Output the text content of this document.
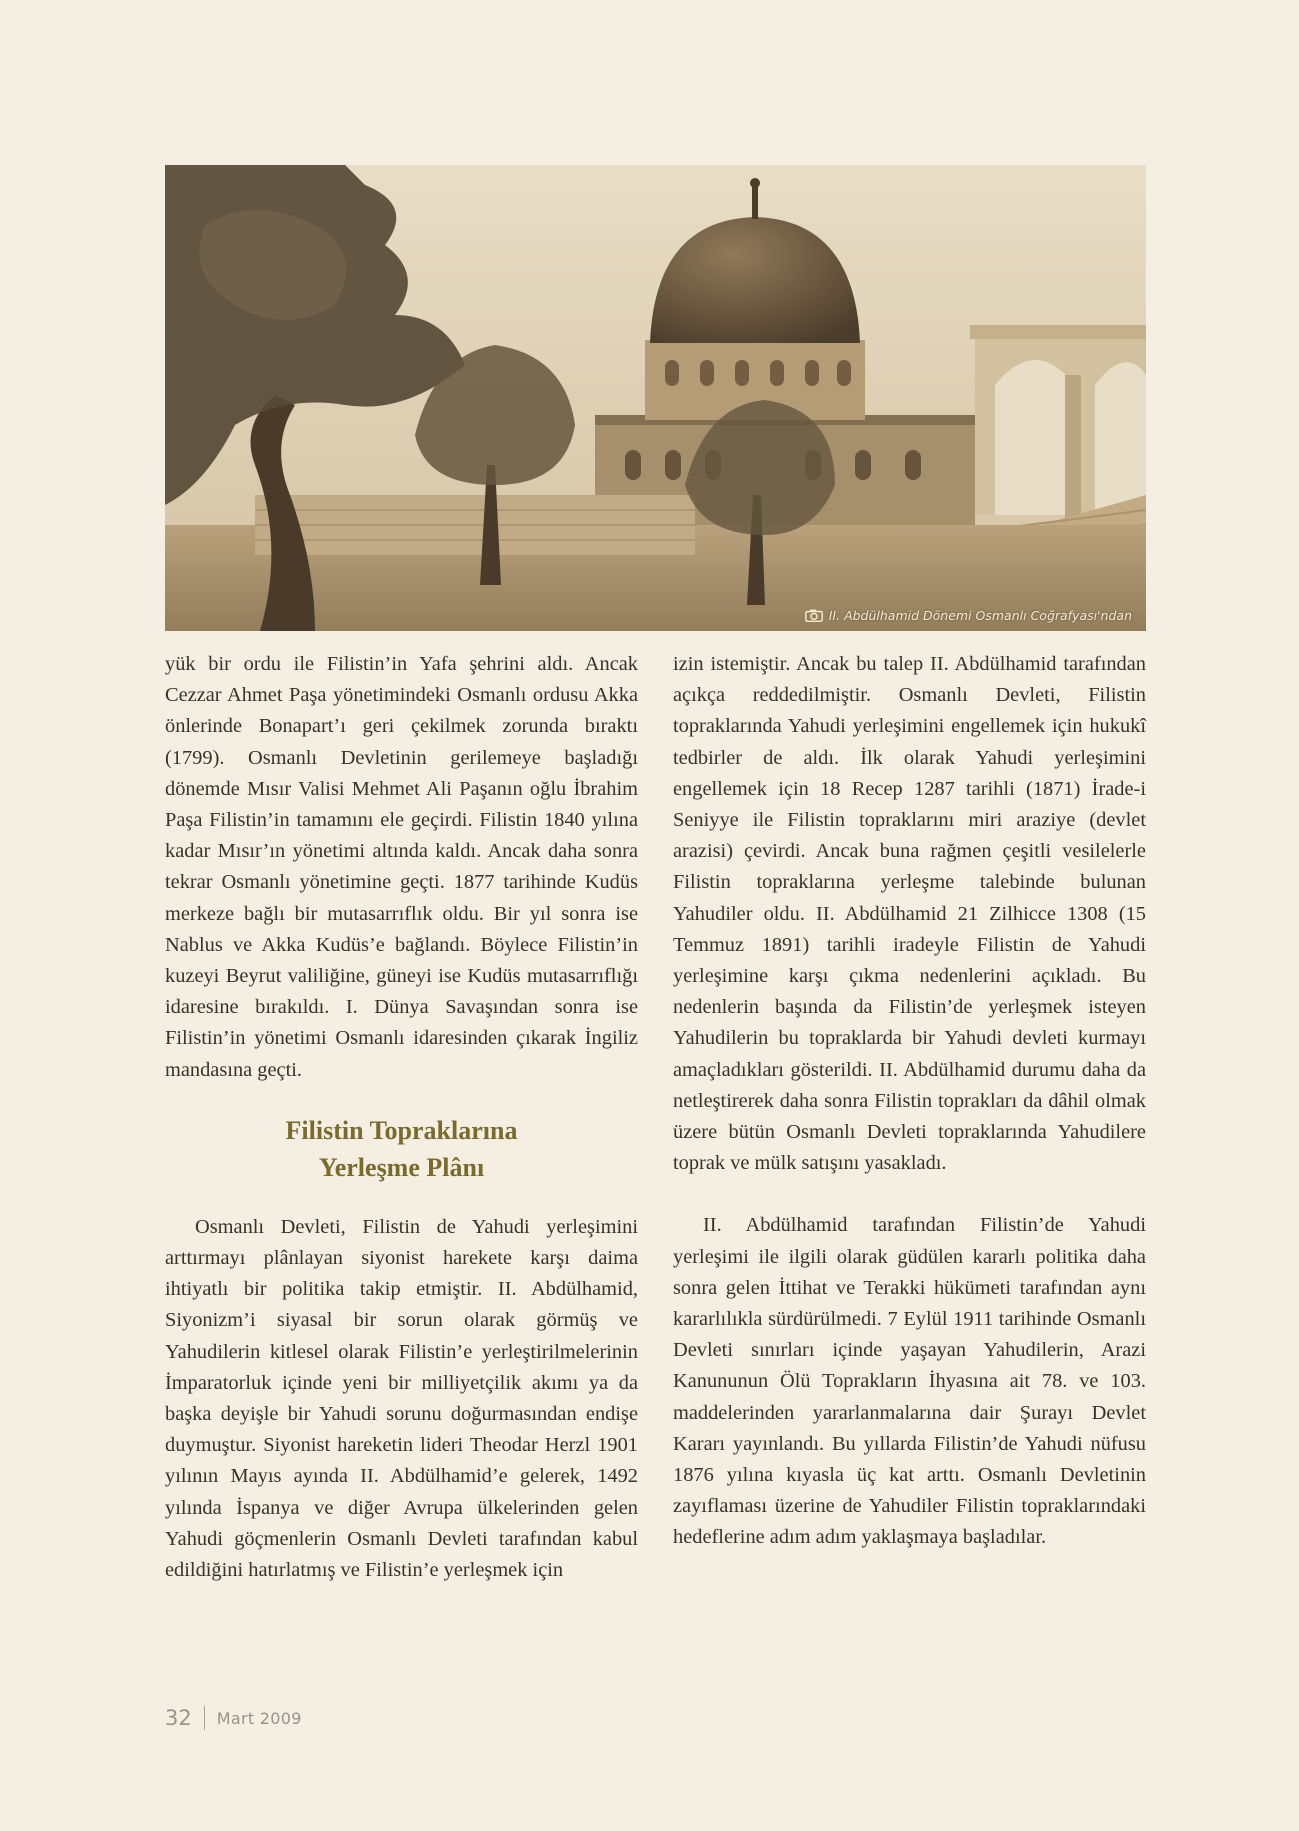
II. Abdülhamid Dönemi Osmanlı Coğrafyası'ndan

yük bir ordu ile Filistin’in Yafa şehrini aldı. Ancak Cezzar Ahmet Paşa yönetimindeki Osmanlı ordusu Akka önlerinde Bonapart’ı geri çekilmek zorunda bıraktı (1799). Osmanlı Devletinin gerilemeye başladığı dönemde Mısır Valisi Mehmet Ali Paşanın oğlu İbrahim Paşa Filistin’in tamamını ele geçirdi. Filistin 1840 yılına kadar Mısır’ın yönetimi altında kaldı. Ancak daha sonra tekrar Osmanlı yönetimine geçti. 1877 tarihinde Kudüs merkeze bağlı bir mutasarrıflık oldu. Bir yıl sonra ise Nablus ve Akka Kudüs’e bağlandı. Böylece Filistin’in kuzeyi Beyrut valiliğine, güneyi ise Kudüs mutasarrıflığı idaresine bırakıldı. I. Dünya Savaşından sonra ise Filistin’in yönetimi Osmanlı idaresinden çıkarak İngiliz mandasına geçti.

Filistin Topraklarına
Yerleşme Plânı

Osmanlı Devleti, Filistin de Yahudi yerleşimini arttırmayı plânlayan siyonist harekete karşı daima ihtiyatlı bir politika takip etmiştir. II. Abdülhamid, Siyonizm’i siyasal bir sorun olarak görmüş ve Yahudilerin kitlesel olarak Filistin’e yerleştirilmelerinin İmparatorluk içinde yeni bir milliyetçilik akımı ya da başka deyişle bir Yahudi sorunu doğurmasından endişe duymuştur. Siyonist hareketin lideri Theodar Herzl 1901 yılının Mayıs ayında II. Abdülhamid’e gelerek, 1492 yılında İspanya ve diğer Avrupa ülkelerinden gelen Yahudi göçmenlerin Osmanlı Devleti tarafından kabul edildiğini hatırlatmış ve Filistin’e yerleşmek için

izin istemiştir. Ancak bu talep II. Abdülhamid tarafından açıkça reddedilmiştir. Osmanlı Devleti, Filistin topraklarında Yahudi yerleşimini engellemek için hukukî tedbirler de aldı. İlk olarak Yahudi yerleşimini engellemek için 18 Recep 1287 tarihli (1871) İrade-i Seniyye ile Filistin topraklarını miri araziye (devlet arazisi) çevirdi. Ancak buna rağmen çeşitli vesilelerle Filistin topraklarına yerleşme talebinde bulunan Yahudiler oldu. II. Abdülhamid 21 Zilhicce 1308 (15 Temmuz 1891) tarihli iradeyle Filistin de Yahudi yerleşimine karşı çıkma nedenlerini açıkladı. Bu nedenlerin başında da Filistin’de yerleşmek isteyen Yahudilerin bu topraklarda bir Yahudi devleti kurmayı amaçladıkları gösterildi. II. Abdülhamid durumu daha da netleştirerek daha sonra Filistin toprakları da dâhil olmak üzere bütün Osmanlı Devleti topraklarında Yahudilere toprak ve mülk satışını yasakladı.

II. Abdülhamid tarafından Filistin’de Yahudi yerleşimi ile ilgili olarak güdülen kararlı politika daha sonra gelen İttihat ve Terakki hükümeti tarafından aynı kararlılıkla sürdürülmedi. 7 Eylül 1911 tarihinde Osmanlı Devleti sınırları içinde yaşayan Yahudilerin, Arazi Kanununun Ölü Toprakların İhyasına ait 78. ve 103. maddelerinden yararlanmalarına dair Şurayı Devlet Kararı yayınlandı. Bu yıllarda Filistin’de Yahudi nüfusu 1876 yılına kıyasla üç kat arttı. Osmanlı Devletinin zayıflaması üzerine de Yahudiler Filistin topraklarındaki hedeflerine adım adım yaklaşmaya başladılar.

32 Mart 2009
